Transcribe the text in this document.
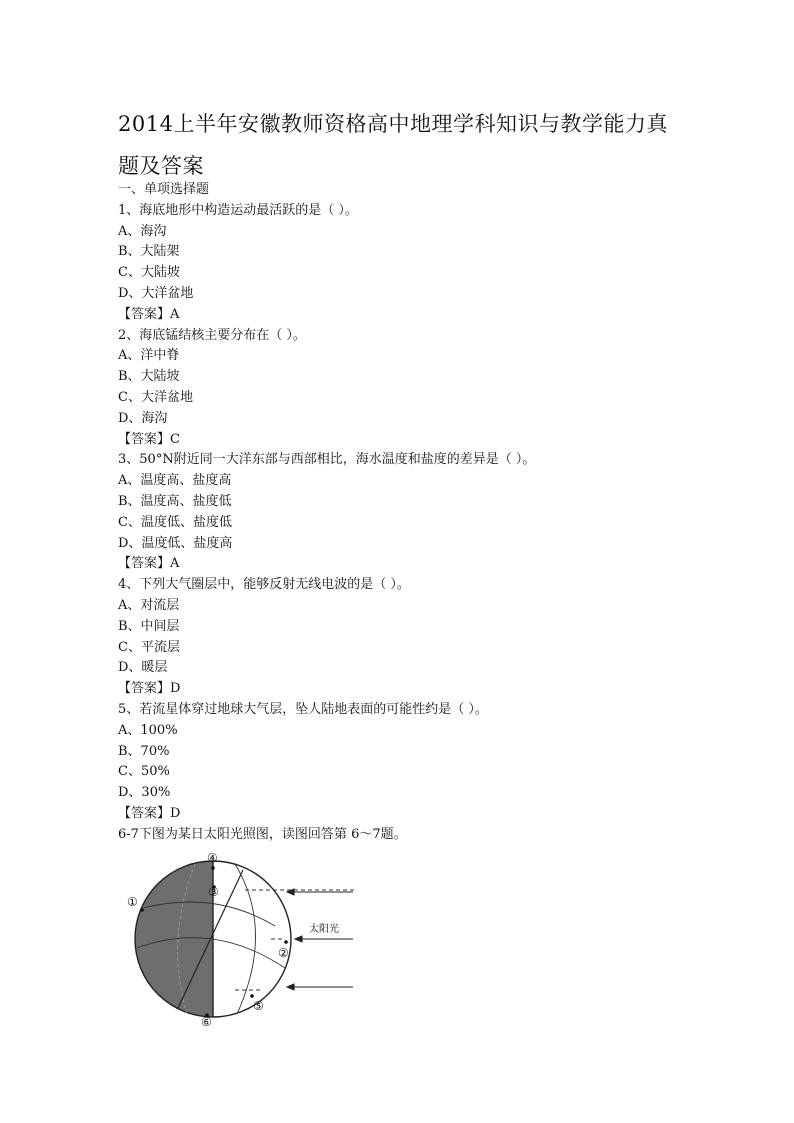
2014上半年安徽教师资格高中地理学科知识与教学能力真题及答案
一、单项选择题
1、海底地形中构造运动最活跃的是（ ）。
A、海沟
B、大陆架
C、大陆坡
D、大洋盆地
【答案】A
2、海底锰结核主要分布在（ ）。
A、洋中脊
B、大陆坡
C、大洋盆地
D、海沟
【答案】C
3、50°N附近同一大洋东部与西部相比，海水温度和盐度的差异是（ ）。
A、温度高、盐度高
B、温度高、盐度低
C、温度低、盐度低
D、温度低、盐度高
【答案】A
4、下列大气圈层中，能够反射无线电波的是（ ）。
A、对流层
B、中间层
C、平流层
D、暖层
【答案】D
5、若流星体穿过地球大气层，坠人陆地表面的可能性约是（ ）。
A、100%
B、70%
C、50%
D、30%
【答案】D
6-7下图为某日太阳光照图，读图回答第 6～7题。
太阳光
①
②
③
④
⑤
⑥
